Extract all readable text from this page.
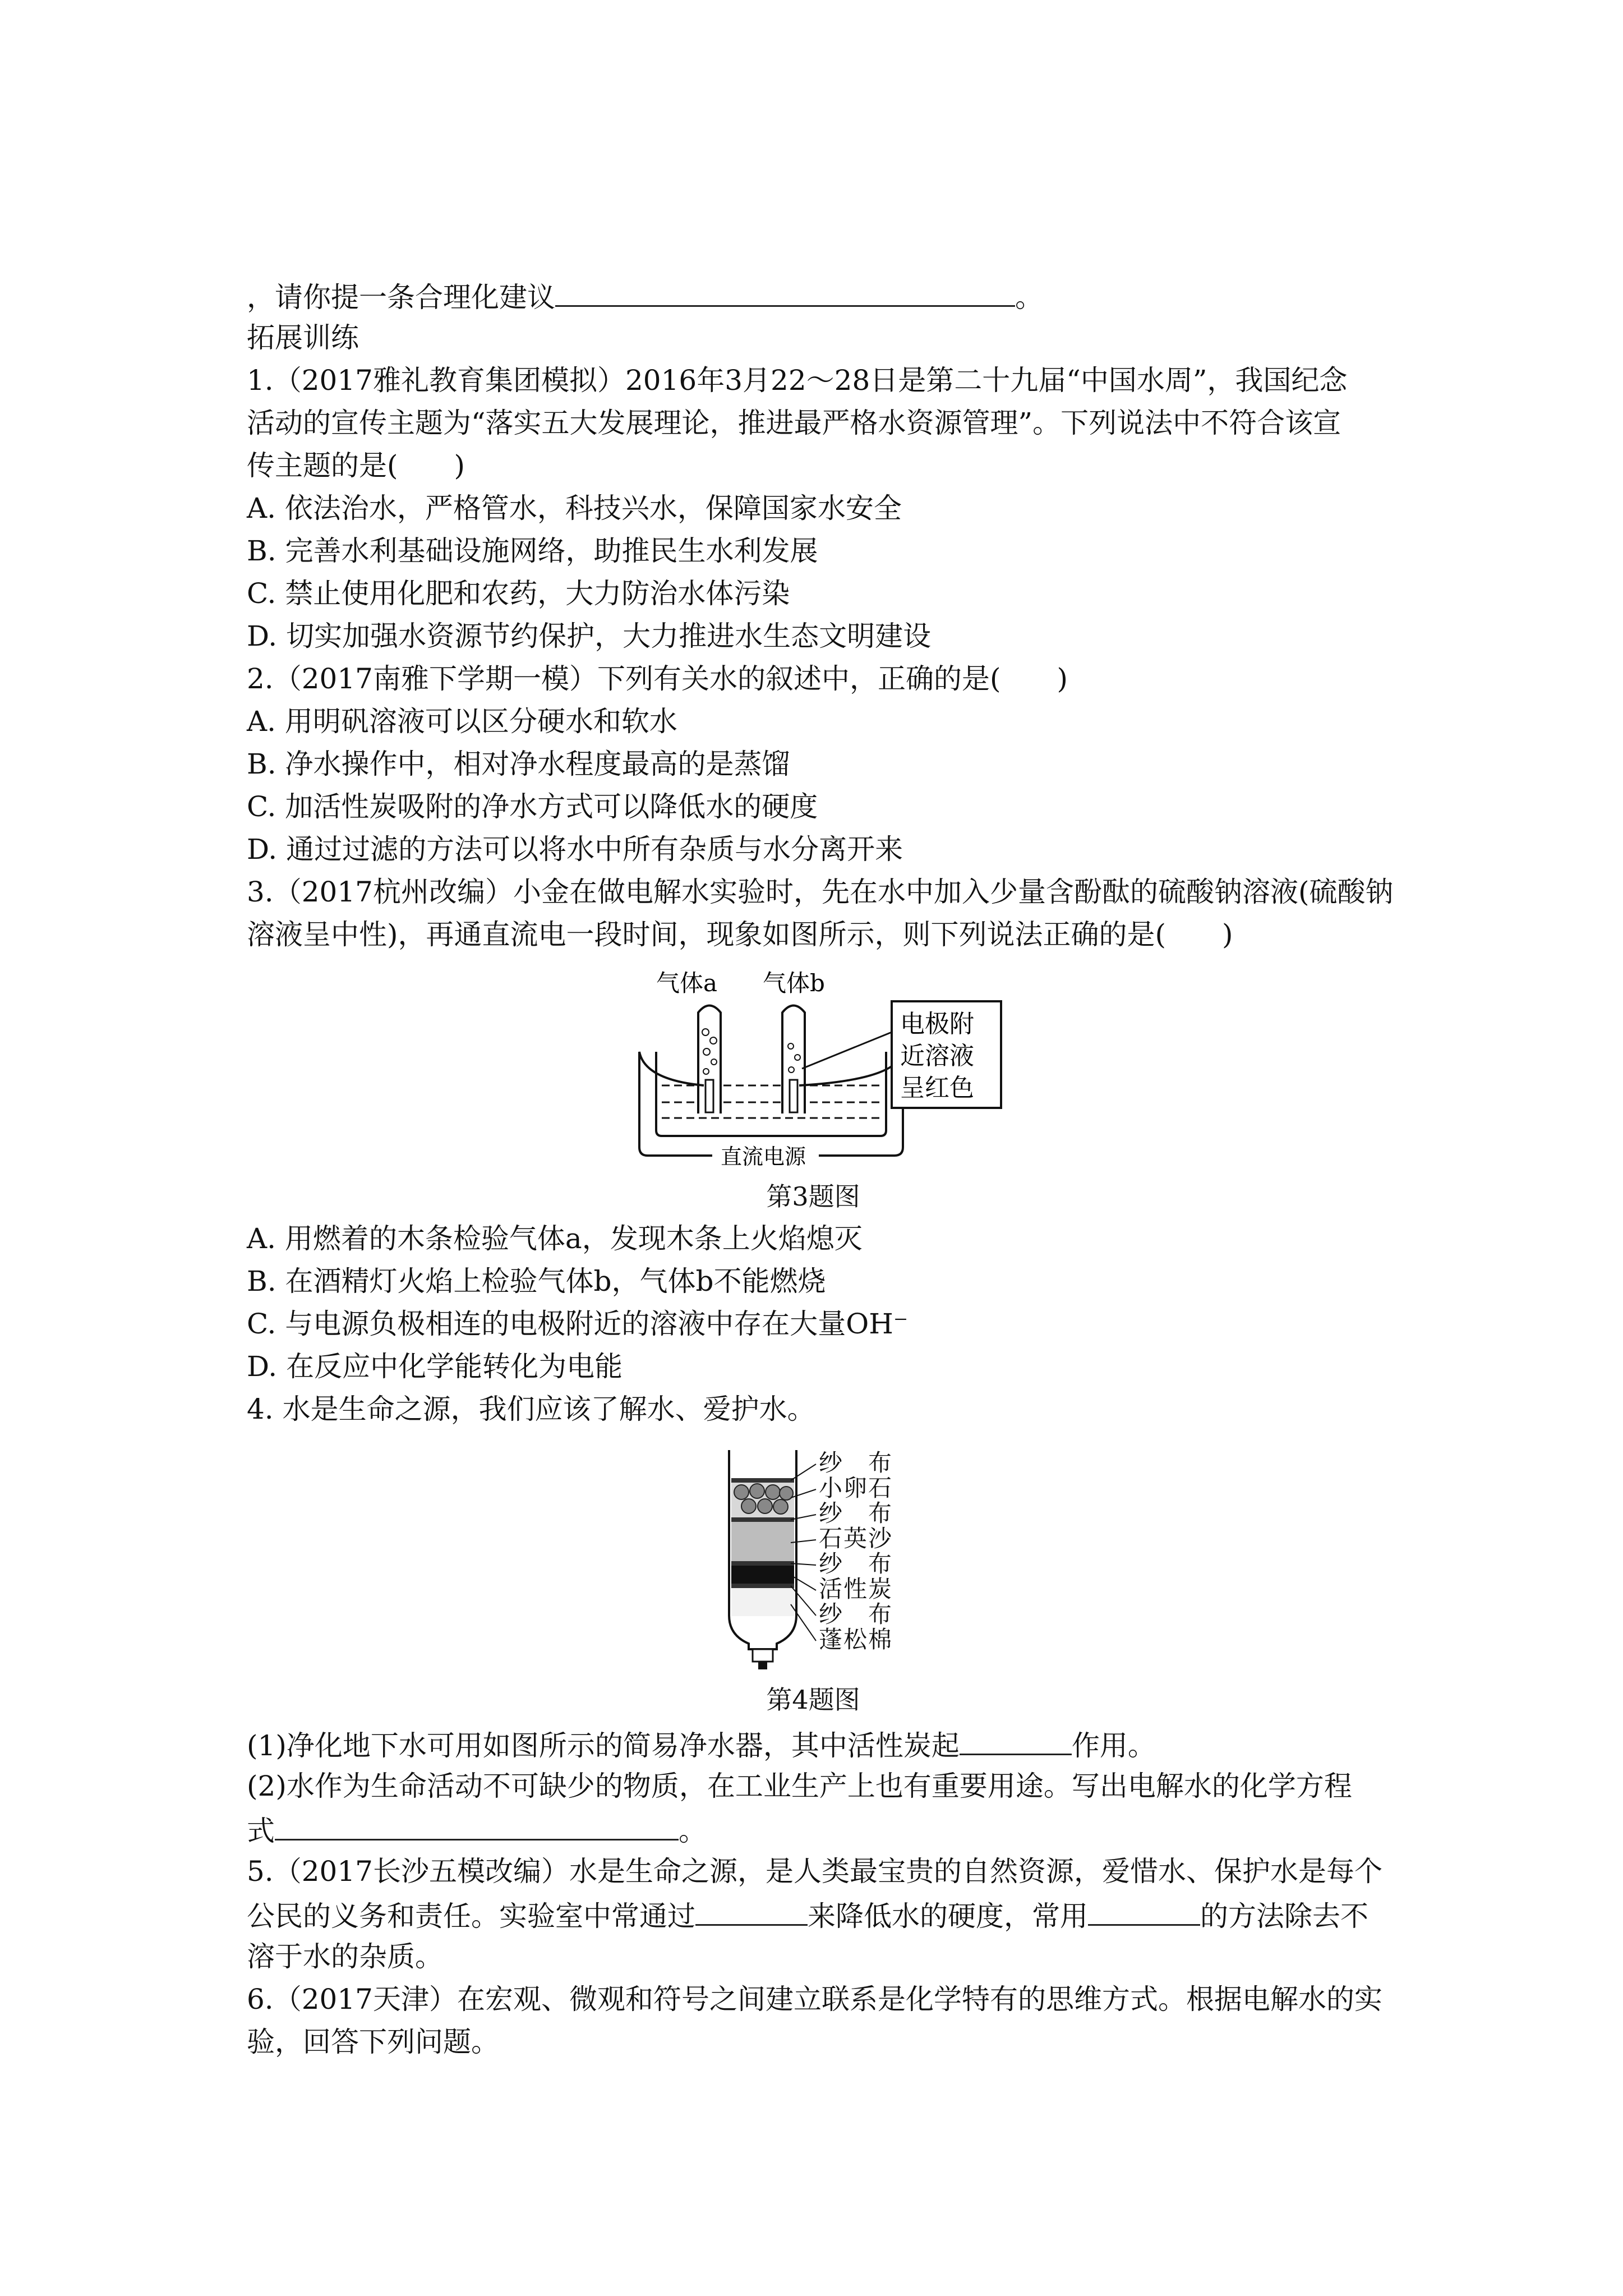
，请你提一条合理化建议	。
拓展训练
1.（2017雅礼教育集团模拟）2016年3月22～28日是第二十九届“中国水周”，我国纪念
活动的宣传主题为“落实五大发展理论，推进最严格水资源管理”。下列说法中不符合该宣
传主题的是(　　)
A. 依法治水，严格管水，科技兴水，保障国家水安全
B. 完善水利基础设施网络，助推民生水利发展
C. 禁止使用化肥和农药，大力防治水体污染
D. 切实加强水资源节约保护，大力推进水生态文明建设
2.（2017南雅下学期一模）下列有关水的叙述中，正确的是(　　)
A. 用明矾溶液可以区分硬水和软水
B. 净水操作中，相对净水程度最高的是蒸馏
C. 加活性炭吸附的净水方式可以降低水的硬度
D. 通过过滤的方法可以将水中所有杂质与水分离开来
3.（2017杭州改编）小金在做电解水实验时，先在水中加入少量含酚酞的硫酸钠溶液(硫酸钠
溶液呈中性)，再通直流电一段时间，现象如图所示，则下列说法正确的是(　　)
气体a 气体b
直流电源
电极附
近溶液
呈红色
第3题图
A. 用燃着的木条检验气体a，发现木条上火焰熄灭
B. 在酒精灯火焰上检验气体b，气体b不能燃烧
C. 与电源负极相连的电极附近的溶液中存在大量OH⁻
D. 在反应中化学能转化为电能
4. 水是生命之源，我们应该了解水、爱护水。
纱　布
小卵石
纱　布
石英沙
纱　布
活性炭
纱　布
蓬松棉
第4题图
(1)净化地下水可用如图所示的简易净水器，其中活性炭起	作用。
(2)水作为生命活动不可缺少的物质，在工业生产上也有重要用途。写出电解水的化学方程
式	。
5.（2017长沙五模改编）水是生命之源，是人类最宝贵的自然资源，爱惜水、保护水是每个
公民的义务和责任。实验室中常通过	来降低水的硬度，常用	的方法除去不
溶于水的杂质。
6.（2017天津）在宏观、微观和符号之间建立联系是化学特有的思维方式。根据电解水的实
验，回答下列问题。
